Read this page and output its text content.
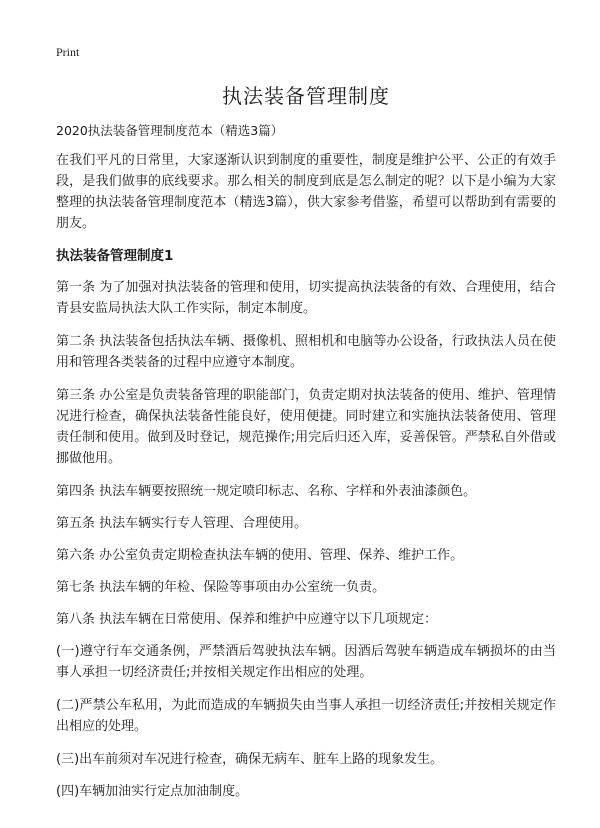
Print
执法装备管理制度
2020执法装备管理制度范本（精选3篇）

在我们平凡的日常里，大家逐渐认识到制度的重要性，制度是维护公平、公正的有效手段，是我们做事的底线要求。那么相关的制度到底是怎么制定的呢？以下是小编为大家整理的执法装备管理制度范本（精选3篇），供大家参考借鉴，希望可以帮助到有需要的朋友。

执法装备管理制度1

第一条 为了加强对执法装备的管理和使用，切实提高执法装备的有效、合理使用，结合青县安监局执法大队工作实际，制定本制度。

第二条 执法装备包括执法车辆、摄像机、照相机和电脑等办公设备，行政执法人员在使用和管理各类装备的过程中应遵守本制度。

第三条 办公室是负责装备管理的职能部门，负责定期对执法装备的使用、维护、管理情况进行检查，确保执法装备性能良好，使用便捷。同时建立和实施执法装备使用、管理责任制和使用。做到及时登记，规范操作;用完后归还入库，妥善保管。严禁私自外借或挪做他用。

第四条 执法车辆要按照统一规定喷印标志、名称、字样和外表油漆颜色。

第五条 执法车辆实行专人管理、合理使用。

第六条 办公室负责定期检查执法车辆的使用、管理、保养、维护工作。

第七条 执法车辆的年检、保险等事项由办公室统一负责。

第八条 执法车辆在日常使用、保养和维护中应遵守以下几项规定：

(一)遵守行车交通条例，严禁酒后驾驶执法车辆。因酒后驾驶车辆造成车辆损坏的由当事人承担一切经济责任;并按相关规定作出相应的处理。

(二)严禁公车私用，为此而造成的车辆损失由当事人承担一切经济责任;并按相关规定作出相应的处理。

(三)出车前须对车况进行检查，确保无病车、脏车上路的现象发生。

(四)车辆加油实行定点加油制度。
